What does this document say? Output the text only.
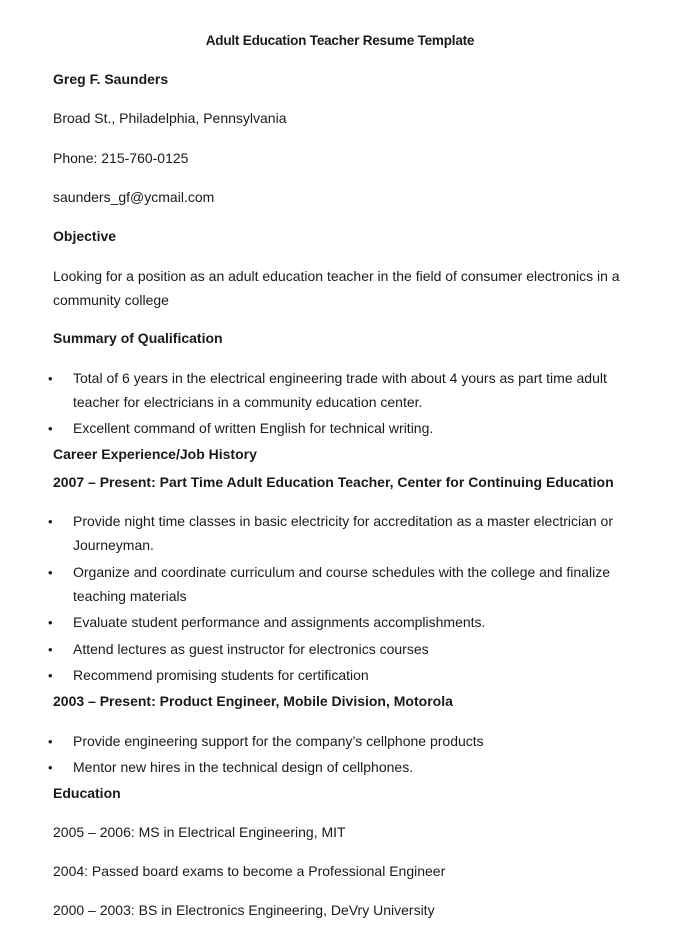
Adult Education Teacher Resume Template
Greg F. Saunders
Broad St., Philadelphia, Pennsylvania
Phone: 215-760-0125
saunders_gf@ycmail.com
Objective
Looking for a position as an adult education teacher in the field of consumer electronics in a community college
Summary of Qualification
• Total of 6 years in the electrical engineering trade with about 4 yours as part time adult teacher for electricians in a community education center.
• Excellent command of written English for technical writing.
Career Experience/Job History
2007 – Present: Part Time Adult Education Teacher, Center for Continuing Education
• Provide night time classes in basic electricity for accreditation as a master electrician or Journeyman.
• Organize and coordinate curriculum and course schedules with the college and finalize teaching materials
• Evaluate student performance and assignments accomplishments.
• Attend lectures as guest instructor for electronics courses
• Recommend promising students for certification
2003 – Present: Product Engineer, Mobile Division, Motorola
• Provide engineering support for the company’s cellphone products
• Mentor new hires in the technical design of cellphones.
Education
2005 – 2006: MS in Electrical Engineering, MIT
2004: Passed board exams to become a Professional Engineer
2000 – 2003: BS in Electronics Engineering, DeVry University
